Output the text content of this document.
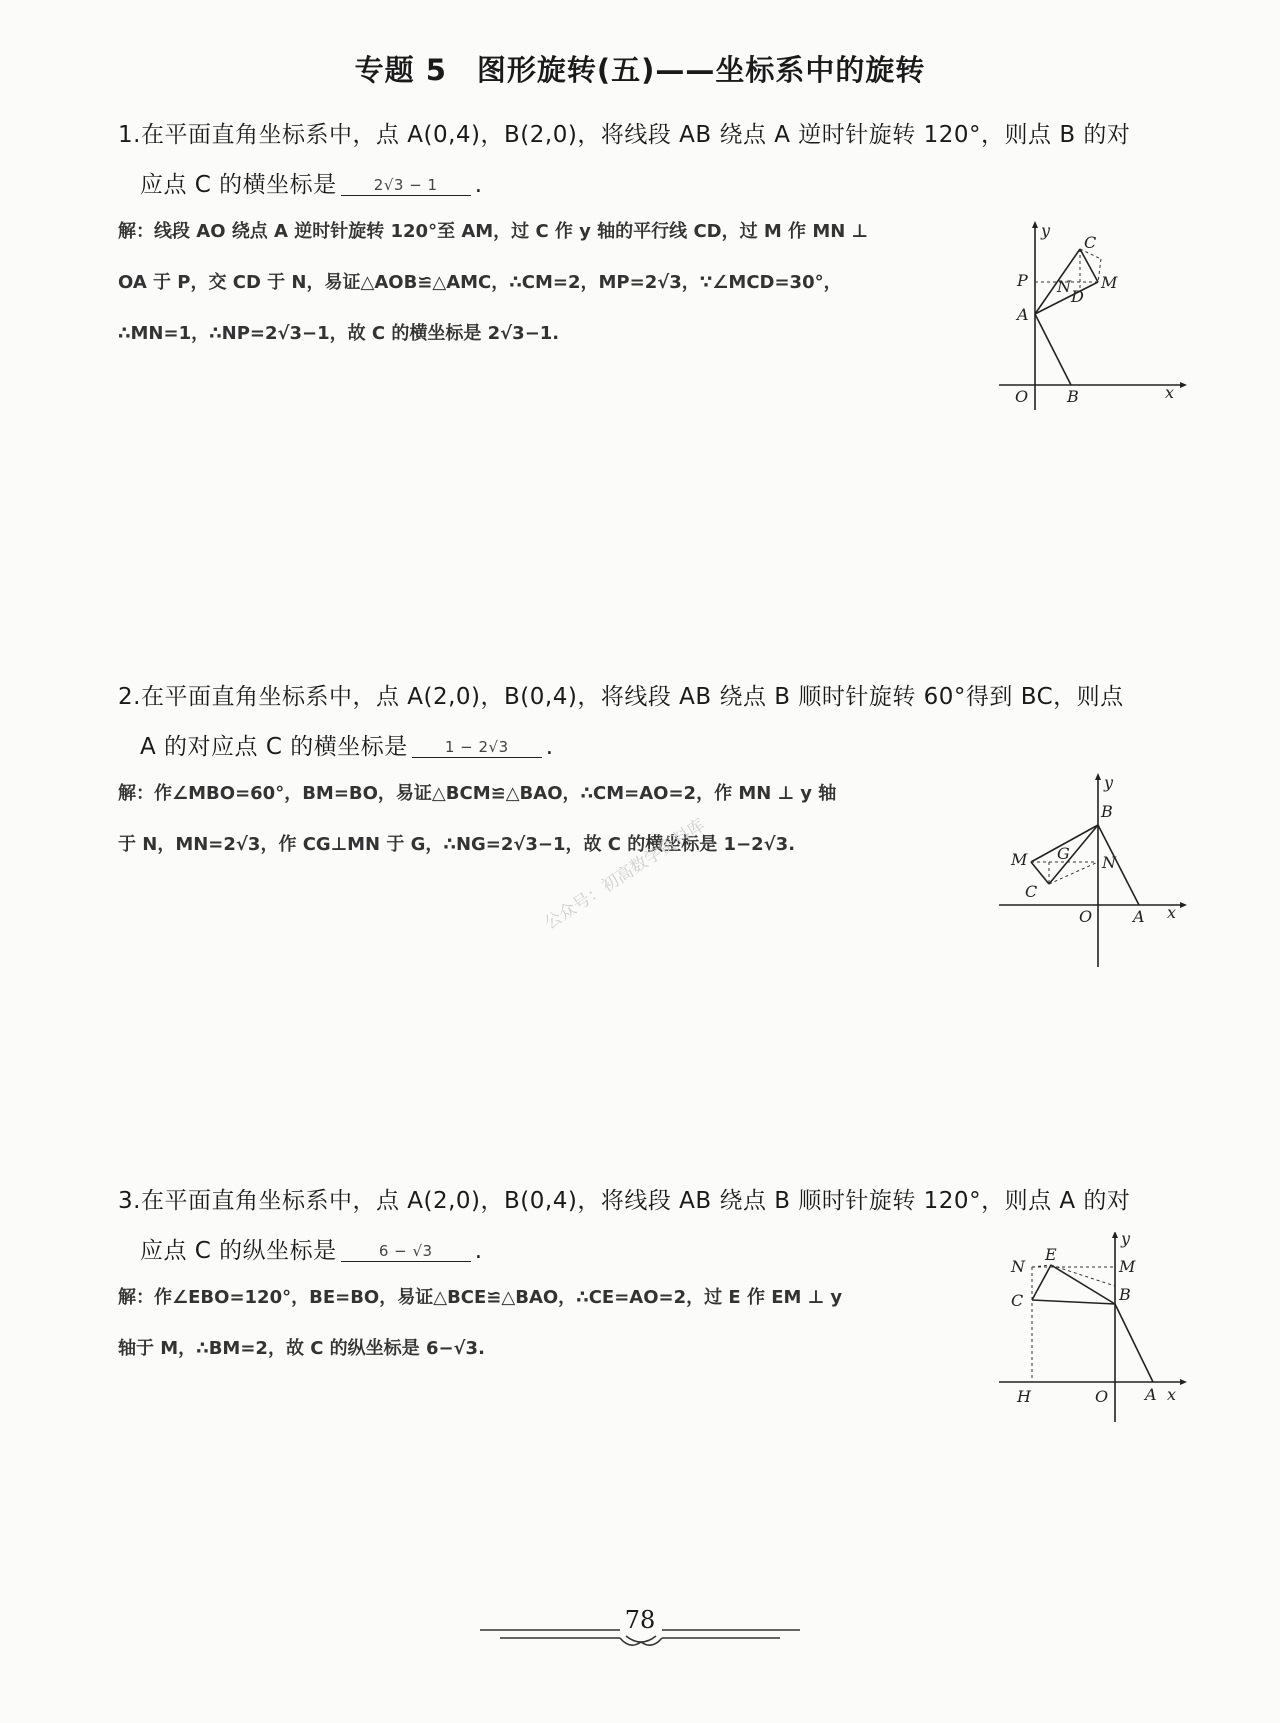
专题 5　图形旋转(五)——坐标系中的旋转
1.在平面直角坐标系中，点 A(0,4)，B(2,0)，将线段 AB 绕点 A 逆时针旋转 120°，则点 B 的对
应点 C 的横坐标是 2√3 − 1 .
解：线段 AO 绕点 A 逆时针旋转 120°至 AM，过 C 作 y 轴的平行线 CD，过 M 作 MN ⊥
OA 于 P，交 CD 于 N，易证△AOB≌△AMC，∴CM=2，MP=2√3，∵∠MCD=30°，
∴MN=1，∴NP=2√3−1，故 C 的横坐标是 2√3−1.
y
C
P N M
D
A
O B	x
2.在平面直角坐标系中，点 A(2,0)，B(0,4)，将线段 AB 绕点 B 顺时针旋转 60°得到 BC，则点
A 的对应点 C 的横坐标是 1 − 2√3 .
解：作∠MBO=60°，BM=BO，易证△BCM≌△BAO，∴CM=AO=2，作 MN ⊥ y 轴
于 N，MN=2√3，作 CG⊥MN 于 G，∴NG=2√3−1，故 C 的横坐标是 1−2√3.
y
B
M G N
C
O	A x
公众号：初高数学资料库
3.在平面直角坐标系中，点 A(2,0)，B(0,4)，将线段 AB 绕点 B 顺时针旋转 120°，则点 A 的对
应点 C 的纵坐标是	6 − √3 .
解：作∠EBO=120°，BE=BO，易证△BCE≌△BAO，∴CE=AO=2，过 E 作 EM ⊥ y
轴于 M，∴BM=2，故 C 的纵坐标是 6−√3.
N
E
y
M
C	B
H	O A x
78
